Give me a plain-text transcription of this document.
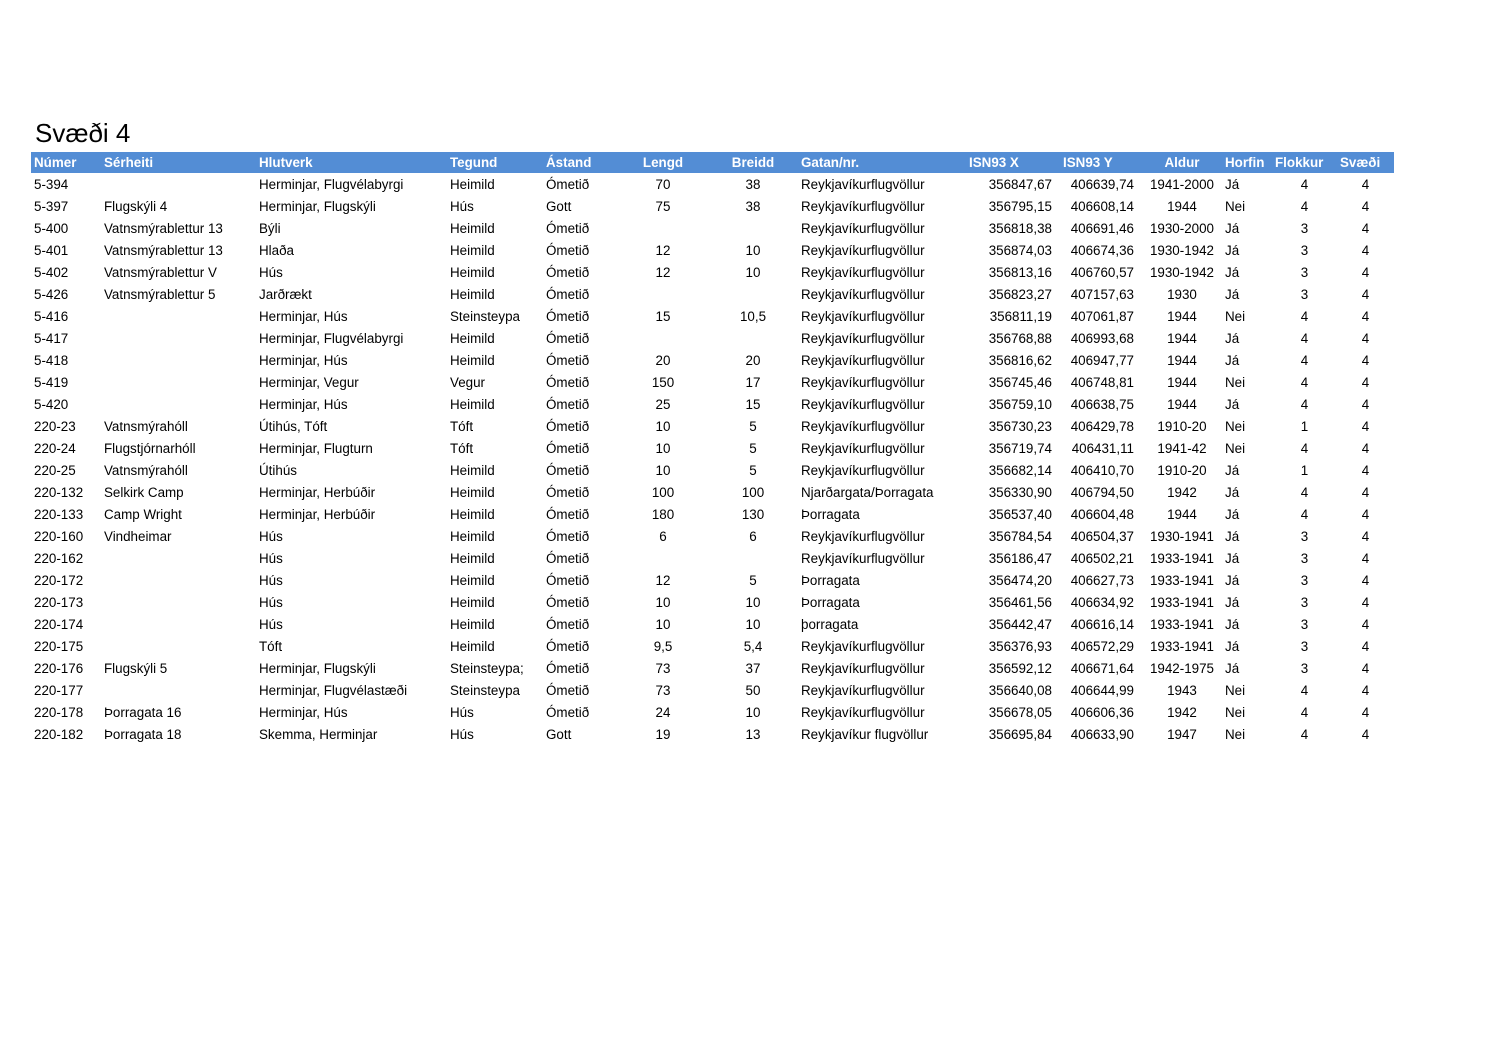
Svæði 4
Númer	Sérheiti	Hlutverk	Tegund	Ástand	Lengd	Breidd	Gatan/nr.	ISN93 X	ISN93 Y	Aldur	Horfin	Flokkur	Svæði
5-394		Herminjar, Flugvélabyrgi	Heimild	Ómetið	70	38	Reykjavíkurflugvöllur	356847,67	406639,74	1941-2000	Já	4	4
5-397	Flugskýli 4	Herminjar, Flugskýli	Hús	Gott	75	38	Reykjavíkurflugvöllur	356795,15	406608,14	1944	Nei	4	4
5-400	Vatnsmýrablettur 13	Býli	Heimild	Ómetið			Reykjavíkurflugvöllur	356818,38	406691,46	1930-2000	Já	3	4
5-401	Vatnsmýrablettur 13	Hlaða	Heimild	Ómetið	12	10	Reykjavíkurflugvöllur	356874,03	406674,36	1930-1942	Já	3	4
5-402	Vatnsmýrablettur V	Hús	Heimild	Ómetið	12	10	Reykjavíkurflugvöllur	356813,16	406760,57	1930-1942	Já	3	4
5-426	Vatnsmýrablettur 5	Jarðrækt	Heimild	Ómetið			Reykjavíkurflugvöllur	356823,27	407157,63	1930	Já	3	4
5-416		Herminjar, Hús	Steinsteypa	Ómetið	15	10,5	Reykjavíkurflugvöllur	356811,19	407061,87	1944	Nei	4	4
5-417		Herminjar, Flugvélabyrgi	Heimild	Ómetið			Reykjavíkurflugvöllur	356768,88	406993,68	1944	Já	4	4
5-418		Herminjar, Hús	Heimild	Ómetið	20	20	Reykjavíkurflugvöllur	356816,62	406947,77	1944	Já	4	4
5-419		Herminjar, Vegur	Vegur	Ómetið	150	17	Reykjavíkurflugvöllur	356745,46	406748,81	1944	Nei	4	4
5-420		Herminjar, Hús	Heimild	Ómetið	25	15	Reykjavíkurflugvöllur	356759,10	406638,75	1944	Já	4	4
220-23	Vatnsmýrahóll	Útihús, Tóft	Tóft	Ómetið	10	5	Reykjavíkurflugvöllur	356730,23	406429,78	1910-20	Nei	1	4
220-24	Flugstjórnarhóll	Herminjar, Flugturn	Tóft	Ómetið	10	5	Reykjavíkurflugvöllur	356719,74	406431,11	1941-42	Nei	4	4
220-25	Vatnsmýrahóll	Útihús	Heimild	Ómetið	10	5	Reykjavíkurflugvöllur	356682,14	406410,70	1910-20	Já	1	4
220-132	Selkirk Camp	Herminjar, Herbúðir	Heimild	Ómetið	100	100	Njarðargata/Þorragata	356330,90	406794,50	1942	Já	4	4
220-133	Camp Wright	Herminjar, Herbúðir	Heimild	Ómetið	180	130	Þorragata	356537,40	406604,48	1944	Já	4	4
220-160	Vindheimar	Hús	Heimild	Ómetið	6	6	Reykjavíkurflugvöllur	356784,54	406504,37	1930-1941	Já	3	4
220-162		Hús	Heimild	Ómetið			Reykjavíkurflugvöllur	356186,47	406502,21	1933-1941	Já	3	4
220-172		Hús	Heimild	Ómetið	12	5	Þorragata	356474,20	406627,73	1933-1941	Já	3	4
220-173		Hús	Heimild	Ómetið	10	10	Þorragata	356461,56	406634,92	1933-1941	Já	3	4
220-174		Hús	Heimild	Ómetið	10	10	þorragata	356442,47	406616,14	1933-1941	Já	3	4
220-175		Tóft	Heimild	Ómetið	9,5	5,4	Reykjavíkurflugvöllur	356376,93	406572,29	1933-1941	Já	3	4
220-176	Flugskýli 5	Herminjar, Flugskýli	Steinsteypa;	Ómetið	73	37	Reykjavíkurflugvöllur	356592,12	406671,64	1942-1975	Já	3	4
220-177		Herminjar, Flugvélastæði	Steinsteypa	Ómetið	73	50	Reykjavíkurflugvöllur	356640,08	406644,99	1943	Nei	4	4
220-178	Þorragata 16	Herminjar, Hús	Hús	Ómetið	24	10	Reykjavíkurflugvöllur	356678,05	406606,36	1942	Nei	4	4
220-182	Þorragata 18	Skemma, Herminjar	Hús	Gott	19	13	Reykjavíkur flugvöllur	356695,84	406633,90	1947	Nei	4	4
